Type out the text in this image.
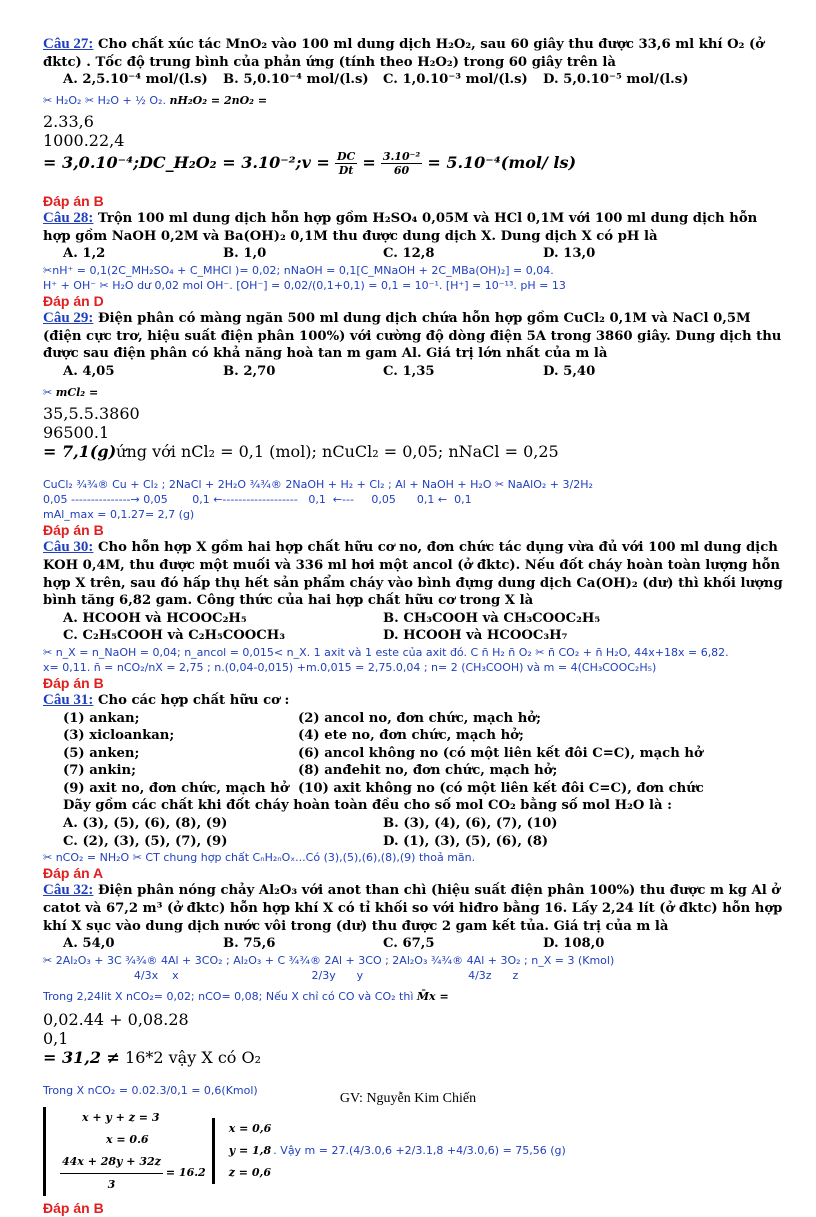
Câu 27: Cho chất xúc tác MnO₂ vào 100 ml dung dịch H₂O₂, sau 60 giây thu được 33,6 ml khí O₂ (ở đktc) . Tốc độ trung bình của phản ứng (tính theo H₂O₂) trong 60 giây trên là

A. 2,5.10⁻⁴ mol/(l.s)	B. 5,0.10⁻⁴ mol/(l.s)	C. 1,0.10⁻³ mol/(l.s)	D. 5,0.10⁻⁵ mol/(l.s)

✂ H₂O₂ ✂ H₂O + ½ O₂. nH₂O₂ = 2nO₂ =

2.33,6
1000.22,4
= 3,0.10⁻⁴;DC_H₂O₂ = 3.10⁻²;v = $\frac{DC}{Dt} = \frac{\text{3.10⁻²}}{60} = 5.10^{-4}(mol/$ ls)

Đáp án B

Câu 28: Trộn 100 ml dung dịch hỗn hợp gồm H₂SO₄ 0,05M và HCl 0,1M với 100 ml dung dịch hỗn hợp gồm NaOH 0,2M và Ba(OH)₂ 0,1M thu được dung dịch X. Dung dịch X có pH là

A. 1,2	B. 1,0	C. 12,8	D. 13,0

✂nH⁺ = 0,1(2C_MH₂SO₄ + C_MHCl )= 0,02; nNaOH = 0,1[C_MNaOH + 2C_MBa(OH)₂] = 0,04.

H⁺ + OH⁻ ✂ H₂O dư 0,02 mol OH⁻. [OH⁻] = 0,02/(0,1+0,1) = 0,1 = 10⁻¹. [H⁺] = 10⁻¹³. pH = 13

Đáp án D

Câu 29: Điện phân có màng ngăn 500 ml dung dịch chứa hỗn hợp gồm CuCl₂ 0,1M và NaCl 0,5M (điện cực trơ, hiệu suất điện phân 100%) với cường độ dòng điện 5A trong 3860 giây. Dung dịch thu được sau điện phân có khả năng hoà tan m gam Al. Giá trị lớn nhất của m là

A. 4,05	B. 2,70	C. 1,35	D. 5,40

✂ mCl₂ =

35,5.5.3860
96500.1
= 7,1(g)ứng với nCl₂ = 0,1 (mol); nCuCl₂ = 0,05; nNaCl = 0,25

CuCl₂ ¾¾® Cu + Cl₂ ; 2NaCl + 2H₂O ¾¾® 2NaOH + H₂ + Cl₂ ; Al + NaOH + H₂O ✂ NaAlO₂ + 3/2H₂

0,05 ---------------→ 0,05       0,1 ←-------------------   0,1  ←---     0,05      0,1 ←  0,1

mAl_max = 0,1.27= 2,7 (g)

Đáp án B

Câu 30: Cho hỗn hợp X gồm hai hợp chất hữu cơ no, đơn chức tác dụng vừa đủ với 100 ml dung dịch KOH 0,4M, thu được một muối và 336 ml hơi một ancol (ở đktc). Nếu đốt cháy hoàn toàn lượng hỗn hợp X trên, sau đó hấp thụ hết sản phẩm cháy vào bình đựng dung dịch Ca(OH)₂ (dư) thì khối lượng bình tăng 6,82 gam. Công thức của hai hợp chất hữu cơ trong X là

A. HCOOH và HCOOC₂H₅	B. CH₃COOH và CH₃COOC₂H₅
C. C₂H₅COOH và C₂H₅COOCH₃	D. HCOOH và HCOOC₃H₇

✂ n_X = n_NaOH = 0,04; n_ancol = 0,015< n_X. 1 axit và 1 este của axit đó. C n̄ H₂ n̄ O₂ ✂ n̄ CO₂ + n̄ H₂O, 44x+18x = 6,82.

x= 0,11. n̄ = nCO₂/nX = 2,75 ; n.(0,04-0,015) +m.0,015 = 2,75.0,04 ; n= 2 (CH₃COOH) và m = 4(CH₃COOC₂H₅)

Đáp án B

Câu 31: Cho các hợp chất hữu cơ :

(1) ankan;	(2) ancol no, đơn chức, mạch hở;
(3) xicloankan;	(4) ete no, đơn chức, mạch hở;
(5) anken;	(6) ancol không no (có một liên kết đôi C=C), mạch hở
(7) ankin;	(8) anđehit no, đơn chức, mạch hở;
(9) axit no, đơn chức, mạch hở (10) axit không no (có một liên kết đôi C=C), đơn chức
Dãy gồm các chất khi đốt cháy hoàn toàn đều cho số mol CO₂ bằng số mol H₂O là :
A. (3), (5), (6), (8), (9)	B. (3), (4), (6), (7), (10)
C. (2), (3), (5), (7), (9)	D. (1), (3), (5), (6), (8)

✂ nCO₂ = NH₂O ✂ CT chung hợp chất CₙH₂ₙOₓ...Có (3),(5),(6),(8),(9) thoả mãn.

Đáp án A

Câu 32: Điện phân nóng chảy Al₂O₃ với anot than chì (hiệu suất điện phân 100%) thu được m kg Al ở catot và 67,2 m³ (ở đktc) hỗn hợp khí X có tỉ khối so với hiđro bằng 16. Lấy 2,24 lít (ở đktc) hỗn hợp khí X sục vào dung dịch nước vôi trong (dư) thu được 2 gam kết tủa. Giá trị của m là

A. 54,0	B. 75,6	C. 67,5	D. 108,0

✂ 2Al₂O₃ + 3C ¾¾® 4Al + 3CO₂ ; Al₂O₃ + C ¾¾® 2Al + 3CO ; 2Al₂O₃ ¾¾® 4Al + 3O₂ ; n_X = 3 (Kmol)

4/3x    x                                      2/3y      y                              4/3z      z

Trong 2,24lit X nCO₂= 0,02; nCO= 0,08; Nếu X chỉ có CO và CO₂ thì M̄x =

0,02.44 + 0,08.28
0,1
= 31,2 ≠ 16*2 vậy X có O₂

Trong X nCO₂ = 0.02.3/0,1 = 0,6(Kmol)

x + y + z = 3
x = 0.6
$\frac{44x + 28y + 32z}{3} = 16.2$
x = 0,6
y = 1,8
z = 0,6
. Vậy m = 27.(4/3.0,6 +2/3.1,8 +4/3.0,6) = 75,56 (g)

Đáp án B

GV: Nguyễn Kim Chiến
